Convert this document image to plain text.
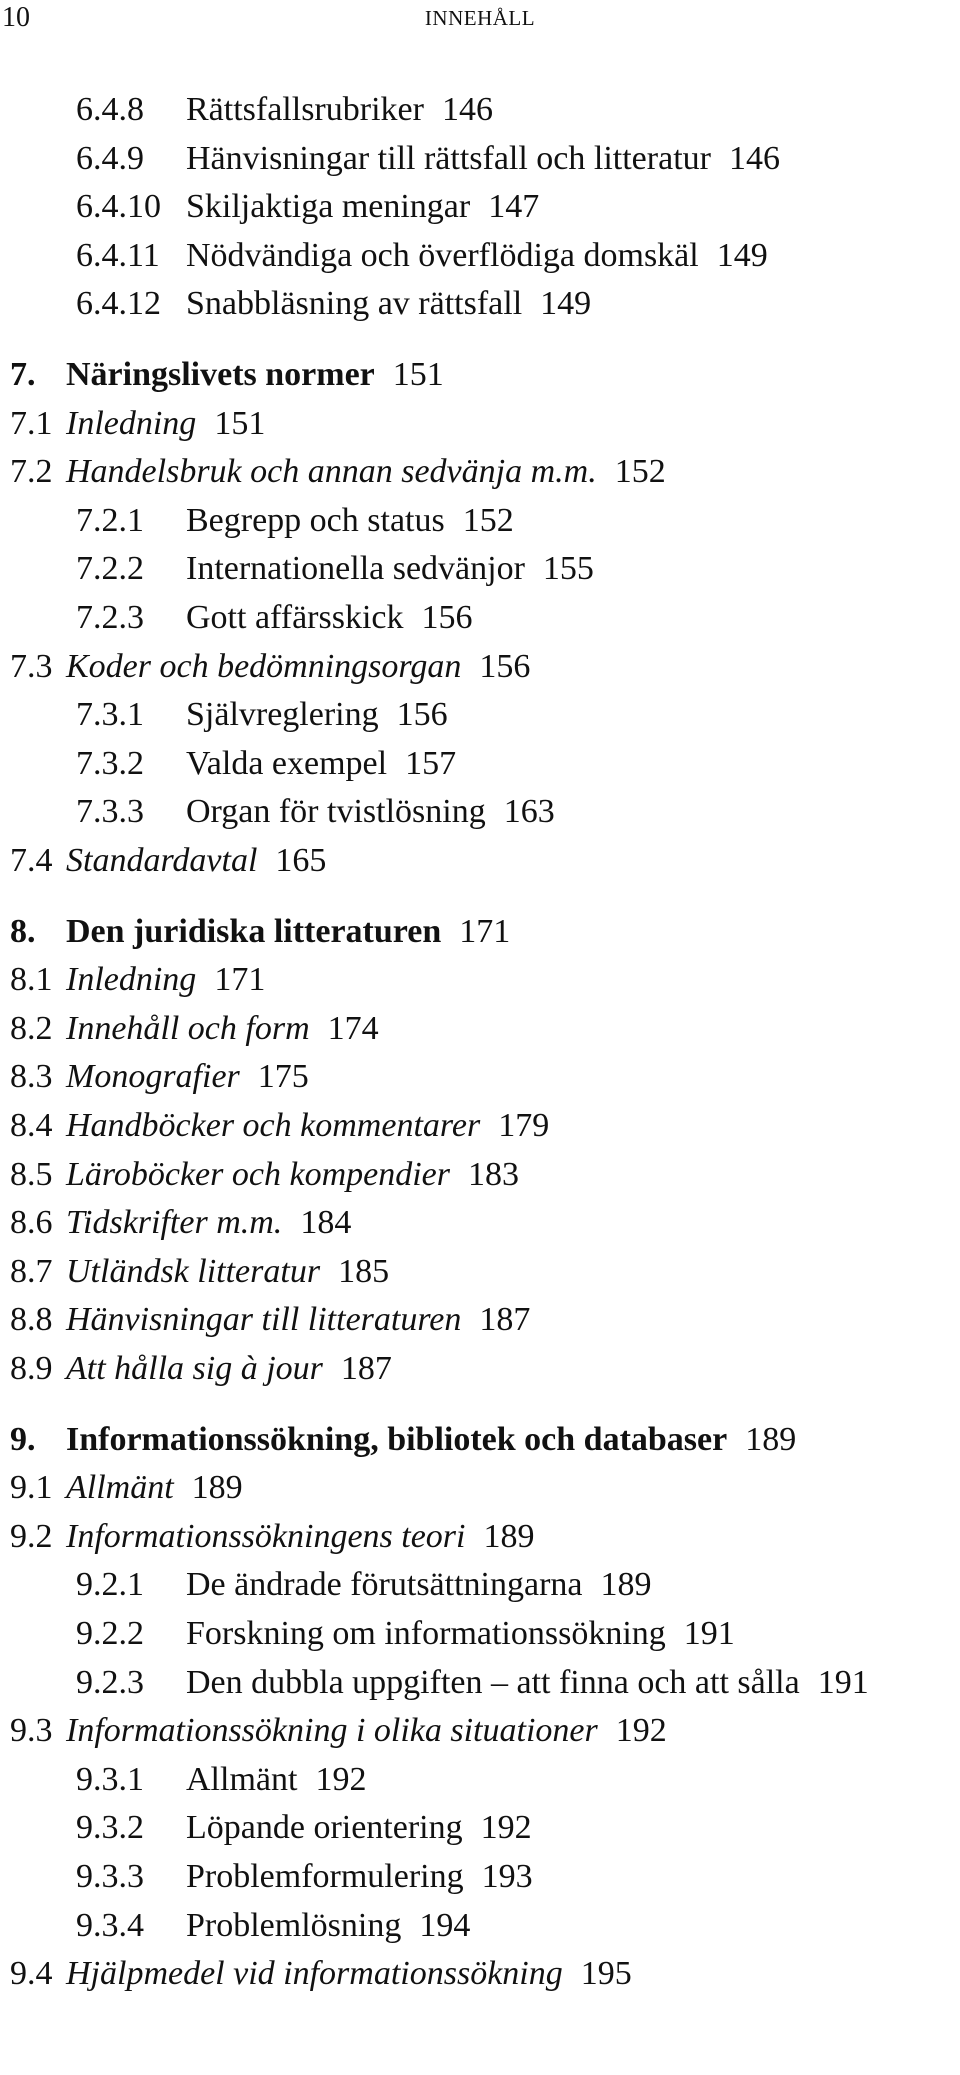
10	INNEHÅLL
6.4.8 Rättsfallsrubriker 146
6.4.9 Hänvisningar till rättsfall och litteratur 146
6.4.10 Skiljaktiga meningar 147
6.4.11 Nödvändiga och överflödiga domskäl 149
6.4.12 Snabbläsning av rättsfall 149
7. Näringslivets normer 151
7.1 Inledning 151
7.2 Handelsbruk och annan sedvänja m.m. 152
7.2.1 Begrepp och status 152
7.2.2 Internationella sedvänjor 155
7.2.3 Gott affärsskick 156
7.3 Koder och bedömningsorgan 156
7.3.1 Självreglering 156
7.3.2 Valda exempel 157
7.3.3 Organ för tvistlösning 163
7.4 Standardavtal 165
8. Den juridiska litteraturen 171
8.1 Inledning 171
8.2 Innehåll och form 174
8.3 Monografier 175
8.4 Handböcker och kommentarer 179
8.5 Läroböcker och kompendier 183
8.6 Tidskrifter m.m. 184
8.7 Utländsk litteratur 185
8.8 Hänvisningar till litteraturen 187
8.9 Att hålla sig à jour 187
9. Informationssökning, bibliotek och databaser 189
9.1 Allmänt 189
9.2 Informationssökningens teori 189
9.2.1 De ändrade förutsättningarna 189
9.2.2 Forskning om informationssökning 191
9.2.3 Den dubbla uppgiften – att finna och att sålla 191
9.3 Informationssökning i olika situationer 192
9.3.1 Allmänt 192
9.3.2 Löpande orientering 192
9.3.3 Problemformulering 193
9.3.4 Problemlösning 194
9.4 Hjälpmedel vid informationssökning 195
